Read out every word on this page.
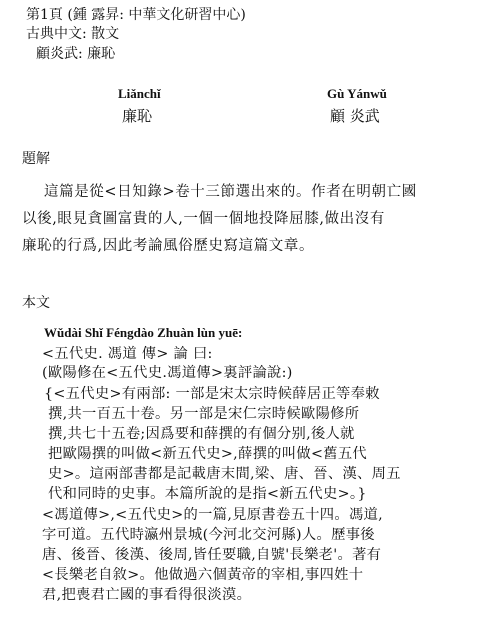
第1頁 (鍾 露昇: 中華文化研習中心)
古典中文: 散文
顧炎武: 廉恥
Liǎnchǐ
廉恥
Gù Yánwǔ
顧 炎武
題解
這篇是從<日知錄>卷十三節選出來的。作者在明朝亡國
以後,眼見貪圖富貴的人,一個一個地投降屈膝,做出沒有
廉恥的行爲,因此考論風俗歷史寫這篇文章。
本文
Wǔdài Shǐ Féngdào Zhuàn lùn yuē:
<五代史. 馮道 傳> 論 曰:
(歐陽修在<五代史.馮道傳>裏評論說:)
{<五代史>有兩部: 一部是宋太宗時候薛居正等奉敕
撰,共一百五十卷。另一部是宋仁宗時候歐陽修所
撰,共七十五卷;因爲要和薛撰的有個分别,後人就
把歐陽撰的叫做<新五代史>,薛撰的叫做<舊五代
史>。這兩部書都是記載唐末間,梁、唐、晉、漢、周五
代和同時的史事。本篇所說的是指<新五代史>。}
<馮道傳>,<五代史>的一篇,見原書卷五十四。馮道,
字可道。五代時瀛州景城(今河北交河縣)人。歷事後
唐、後晉、後漢、後周,皆任要職,自號'長樂老'。著有
<長樂老自敘>。他做過六個黃帝的宰相,事四姓十
君,把喪君亡國的事看得很淡漠。
